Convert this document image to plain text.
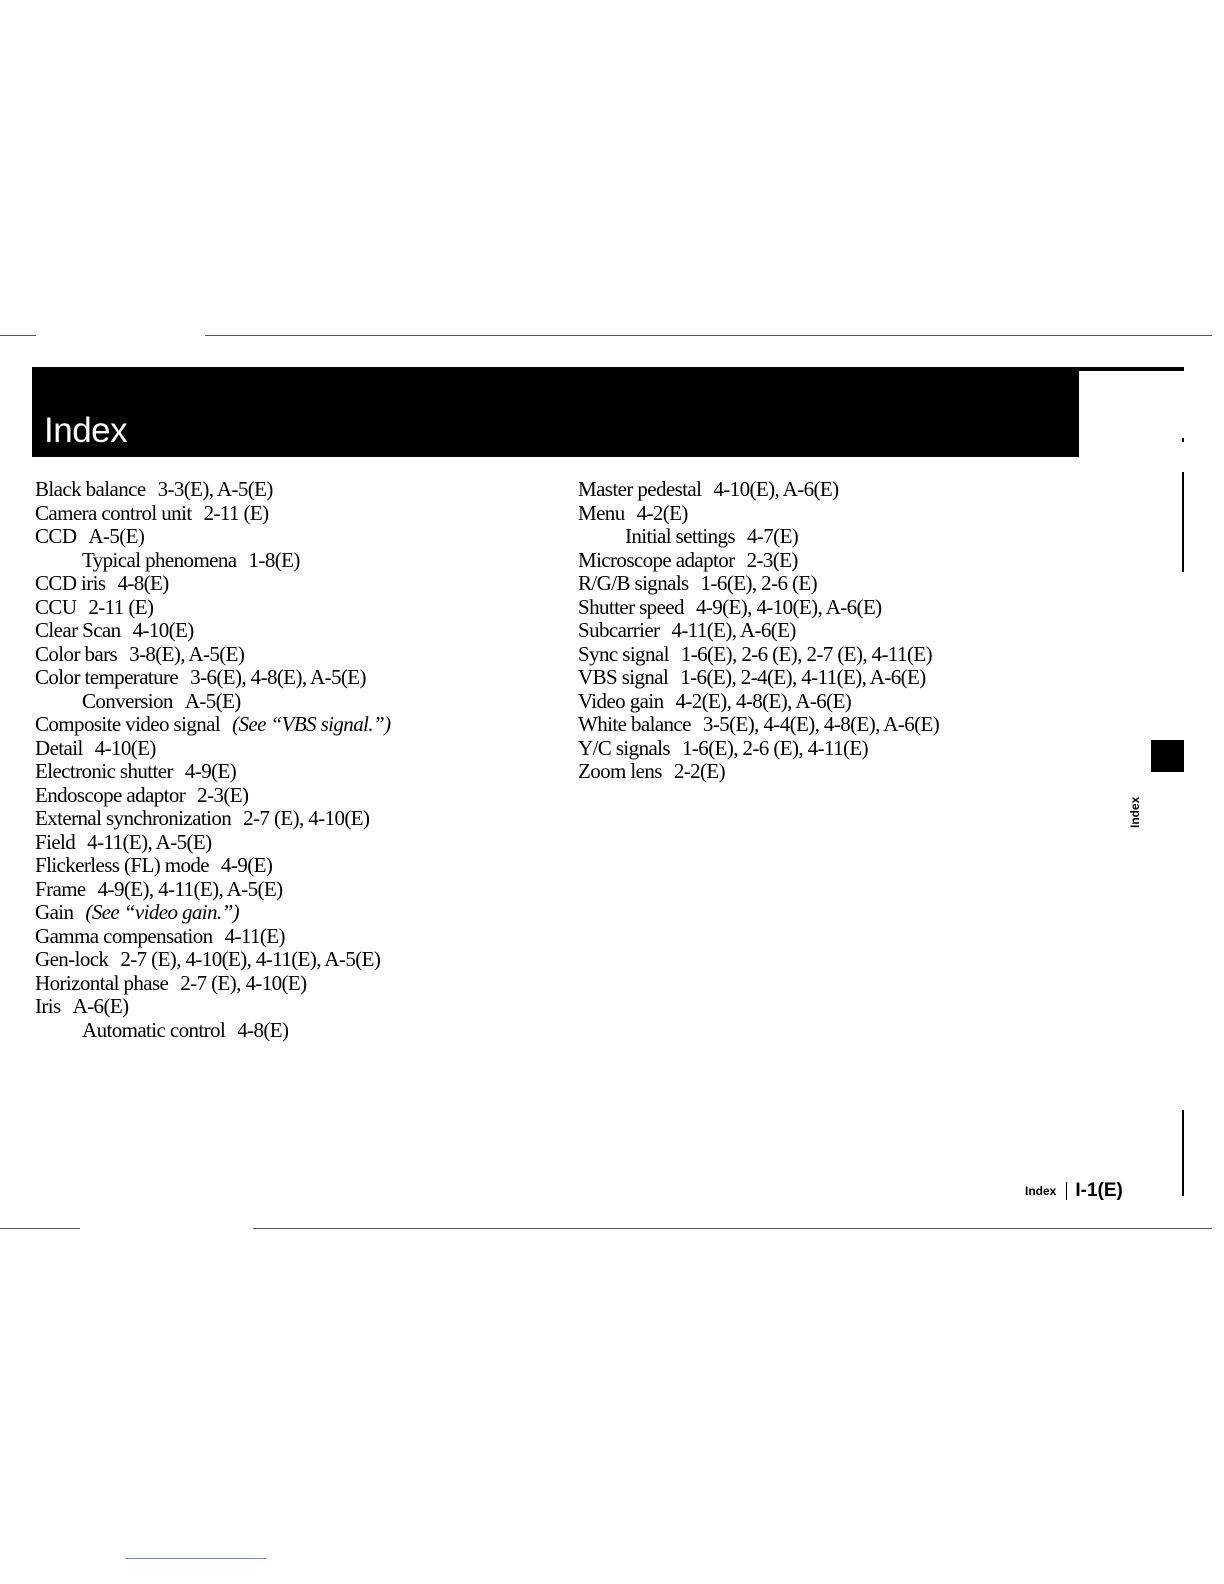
Index
Black balance 3-3(E), A-5(E)
Camera control unit 2-11 (E)
CCD A-5(E)
Typical phenomena 1-8(E)
CCD iris 4-8(E)
CCU 2-11 (E)
Clear Scan 4-10(E)
Color bars 3-8(E), A-5(E)
Color temperature 3-6(E), 4-8(E), A-5(E)
Conversion A-5(E)
Composite video signal (See “VBS signal.”)
Detail 4-10(E)
Electronic shutter 4-9(E)
Endoscope adaptor 2-3(E)
External synchronization 2-7 (E), 4-10(E)
Field 4-11(E), A-5(E)
Flickerless (FL) mode 4-9(E)
Frame 4-9(E), 4-11(E), A-5(E)
Gain (See “video gain.”)
Gamma compensation 4-11(E)
Gen-lock 2-7 (E), 4-10(E), 4-11(E), A-5(E)
Horizontal phase 2-7 (E), 4-10(E)
Iris A-6(E)
Automatic control 4-8(E)
Master pedestal 4-10(E), A-6(E)
Menu 4-2(E)
Initial settings 4-7(E)
Microscope adaptor 2-3(E)
R/G/B signals 1-6(E), 2-6 (E)
Shutter speed 4-9(E), 4-10(E), A-6(E)
Subcarrier 4-11(E), A-6(E)
Sync signal 1-6(E), 2-6 (E), 2-7 (E), 4-11(E)
VBS signal 1-6(E), 2-4(E), 4-11(E), A-6(E)
Video gain 4-2(E), 4-8(E), A-6(E)
White balance 3-5(E), 4-4(E), 4-8(E), A-6(E)
Y/C signals 1-6(E), 2-6 (E), 4-11(E)
Zoom lens 2-2(E)
Index
Index I-1(E)
